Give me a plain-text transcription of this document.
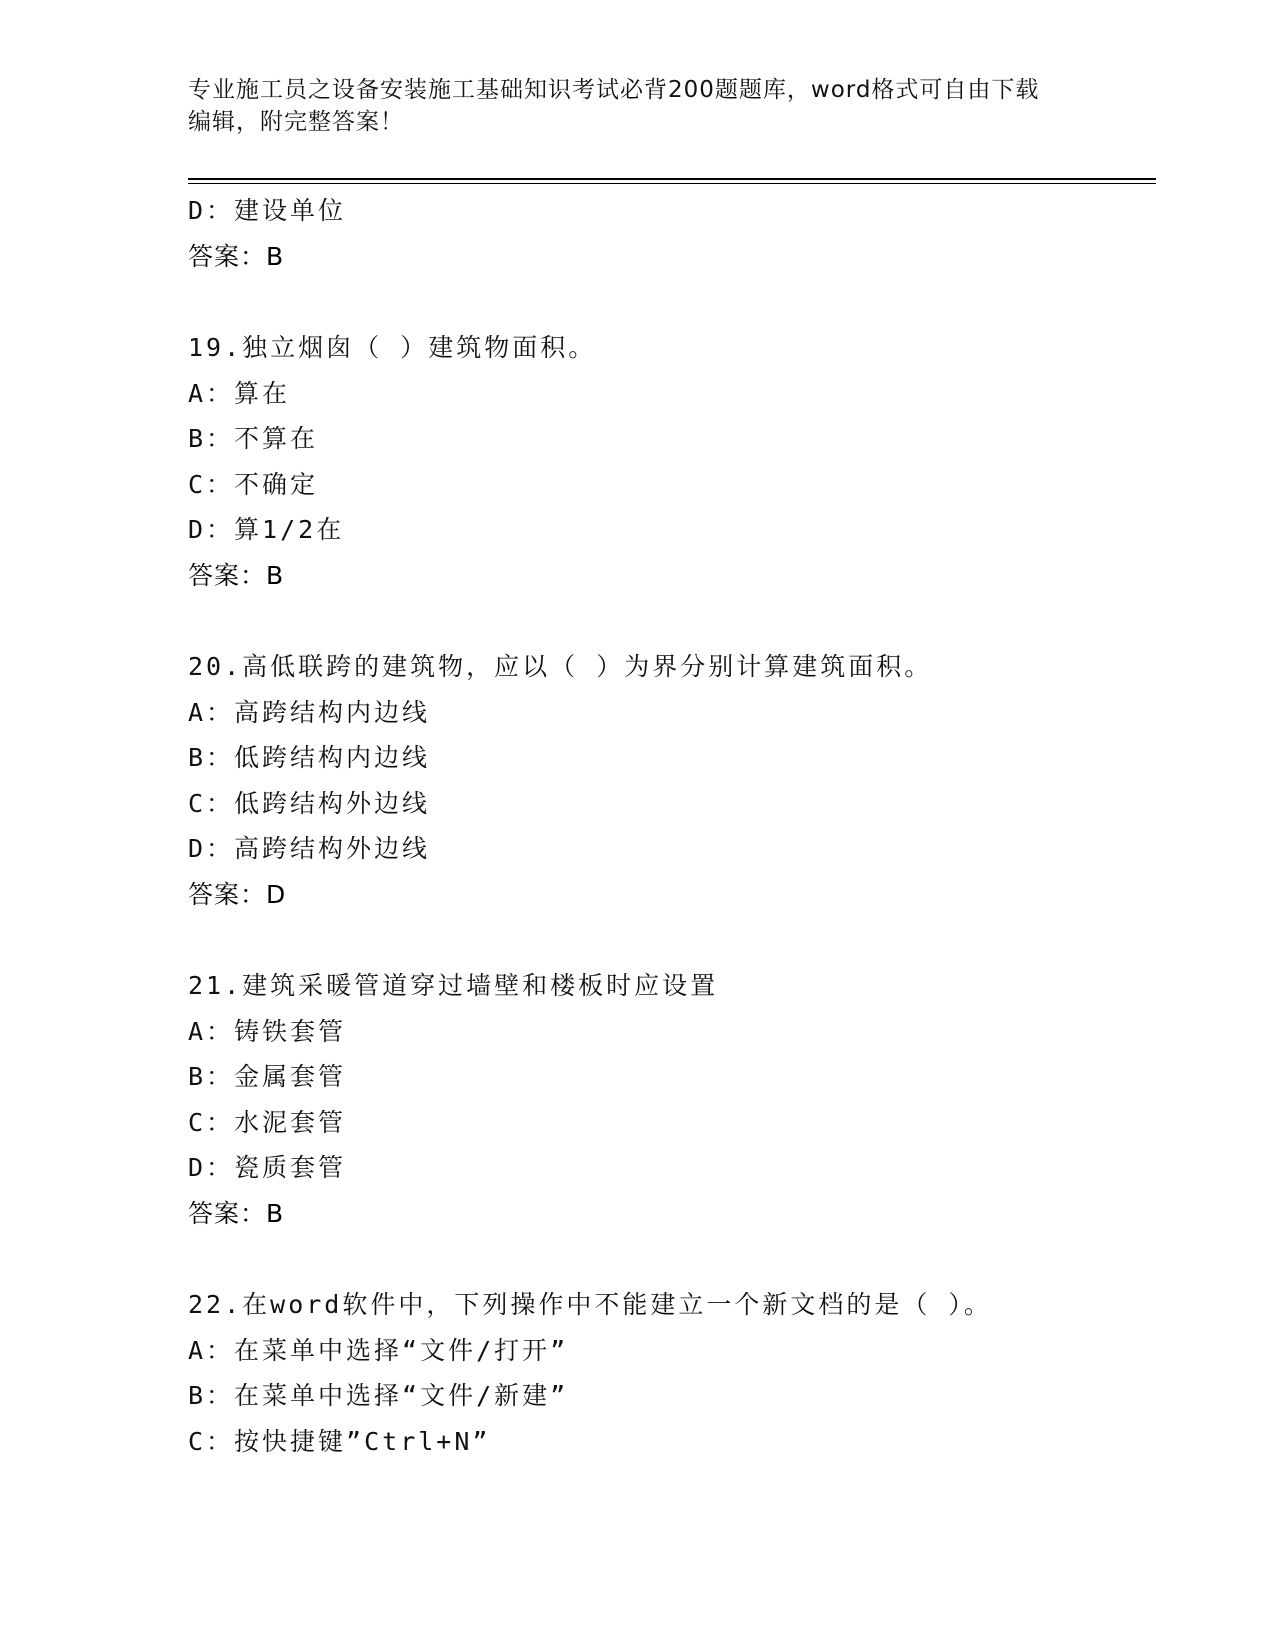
专业施工员之设备安装施工基础知识考试必背200题题库，word格式可自由下载
编辑，附完整答案！
D：建设单位
答案：B
19.独立烟囱（ ）建筑物面积。
A：算在
B：不算在
C：不确定
D：算1/2在
答案：B
20.高低联跨的建筑物，应以（ ）为界分别计算建筑面积。
A：高跨结构内边线
B：低跨结构内边线
C：低跨结构外边线
D：高跨结构外边线
答案：D
21.建筑采暖管道穿过墙壁和楼板时应设置
A：铸铁套管
B：金属套管
C：水泥套管
D：瓷质套管
答案：B
22.在word软件中，下列操作中不能建立一个新文档的是（ ）。
A：在菜单中选择“文件/打开”
B：在菜单中选择“文件/新建”
C：按快捷键”Ctrl+N”
